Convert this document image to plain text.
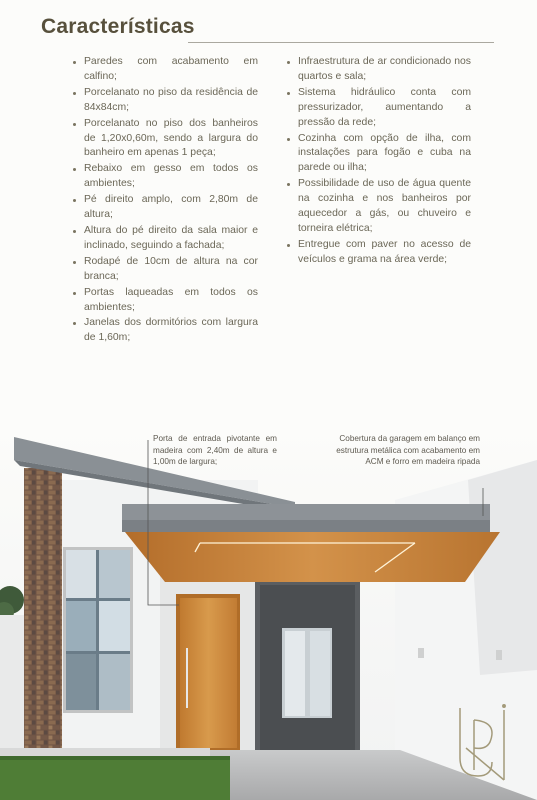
Características
Paredes com acabamento em calfino;
Porcelanato no piso da residência de 84x84cm;
Porcelanato no piso dos banheiros de 1,20x0,60m, sendo a largura do banheiro em apenas 1 peça;
Rebaixo em gesso em todos os ambientes;
Pé direito amplo, com 2,80m de altura;
Altura do pé direito da sala maior e inclinado, seguindo a fachada;
Rodapé de 10cm de altura na cor branca;
Portas laqueadas em todos os ambientes;
Janelas dos dormitórios com largura de 1,60m;
Infraestrutura de ar condicionado nos quartos e sala;
Sistema hidráulico conta com pressurizador, aumentando a pressão da rede;
Cozinha com opção de ilha, com instalações para fogão e cuba na parede ou ilha;
Possibilidade de uso de água quente na cozinha e nos banheiros por aquecedor a gás, ou chuveiro e torneira elétrica;
Entregue com paver no acesso de veículos e grama na área verde;

Porta de entrada pivotante em madeira com 2,40m de altura e 1,00m de largura;

Cobertura da garagem em balanço em estrutura metálica com acabamento em ACM e forro em madeira ripada
